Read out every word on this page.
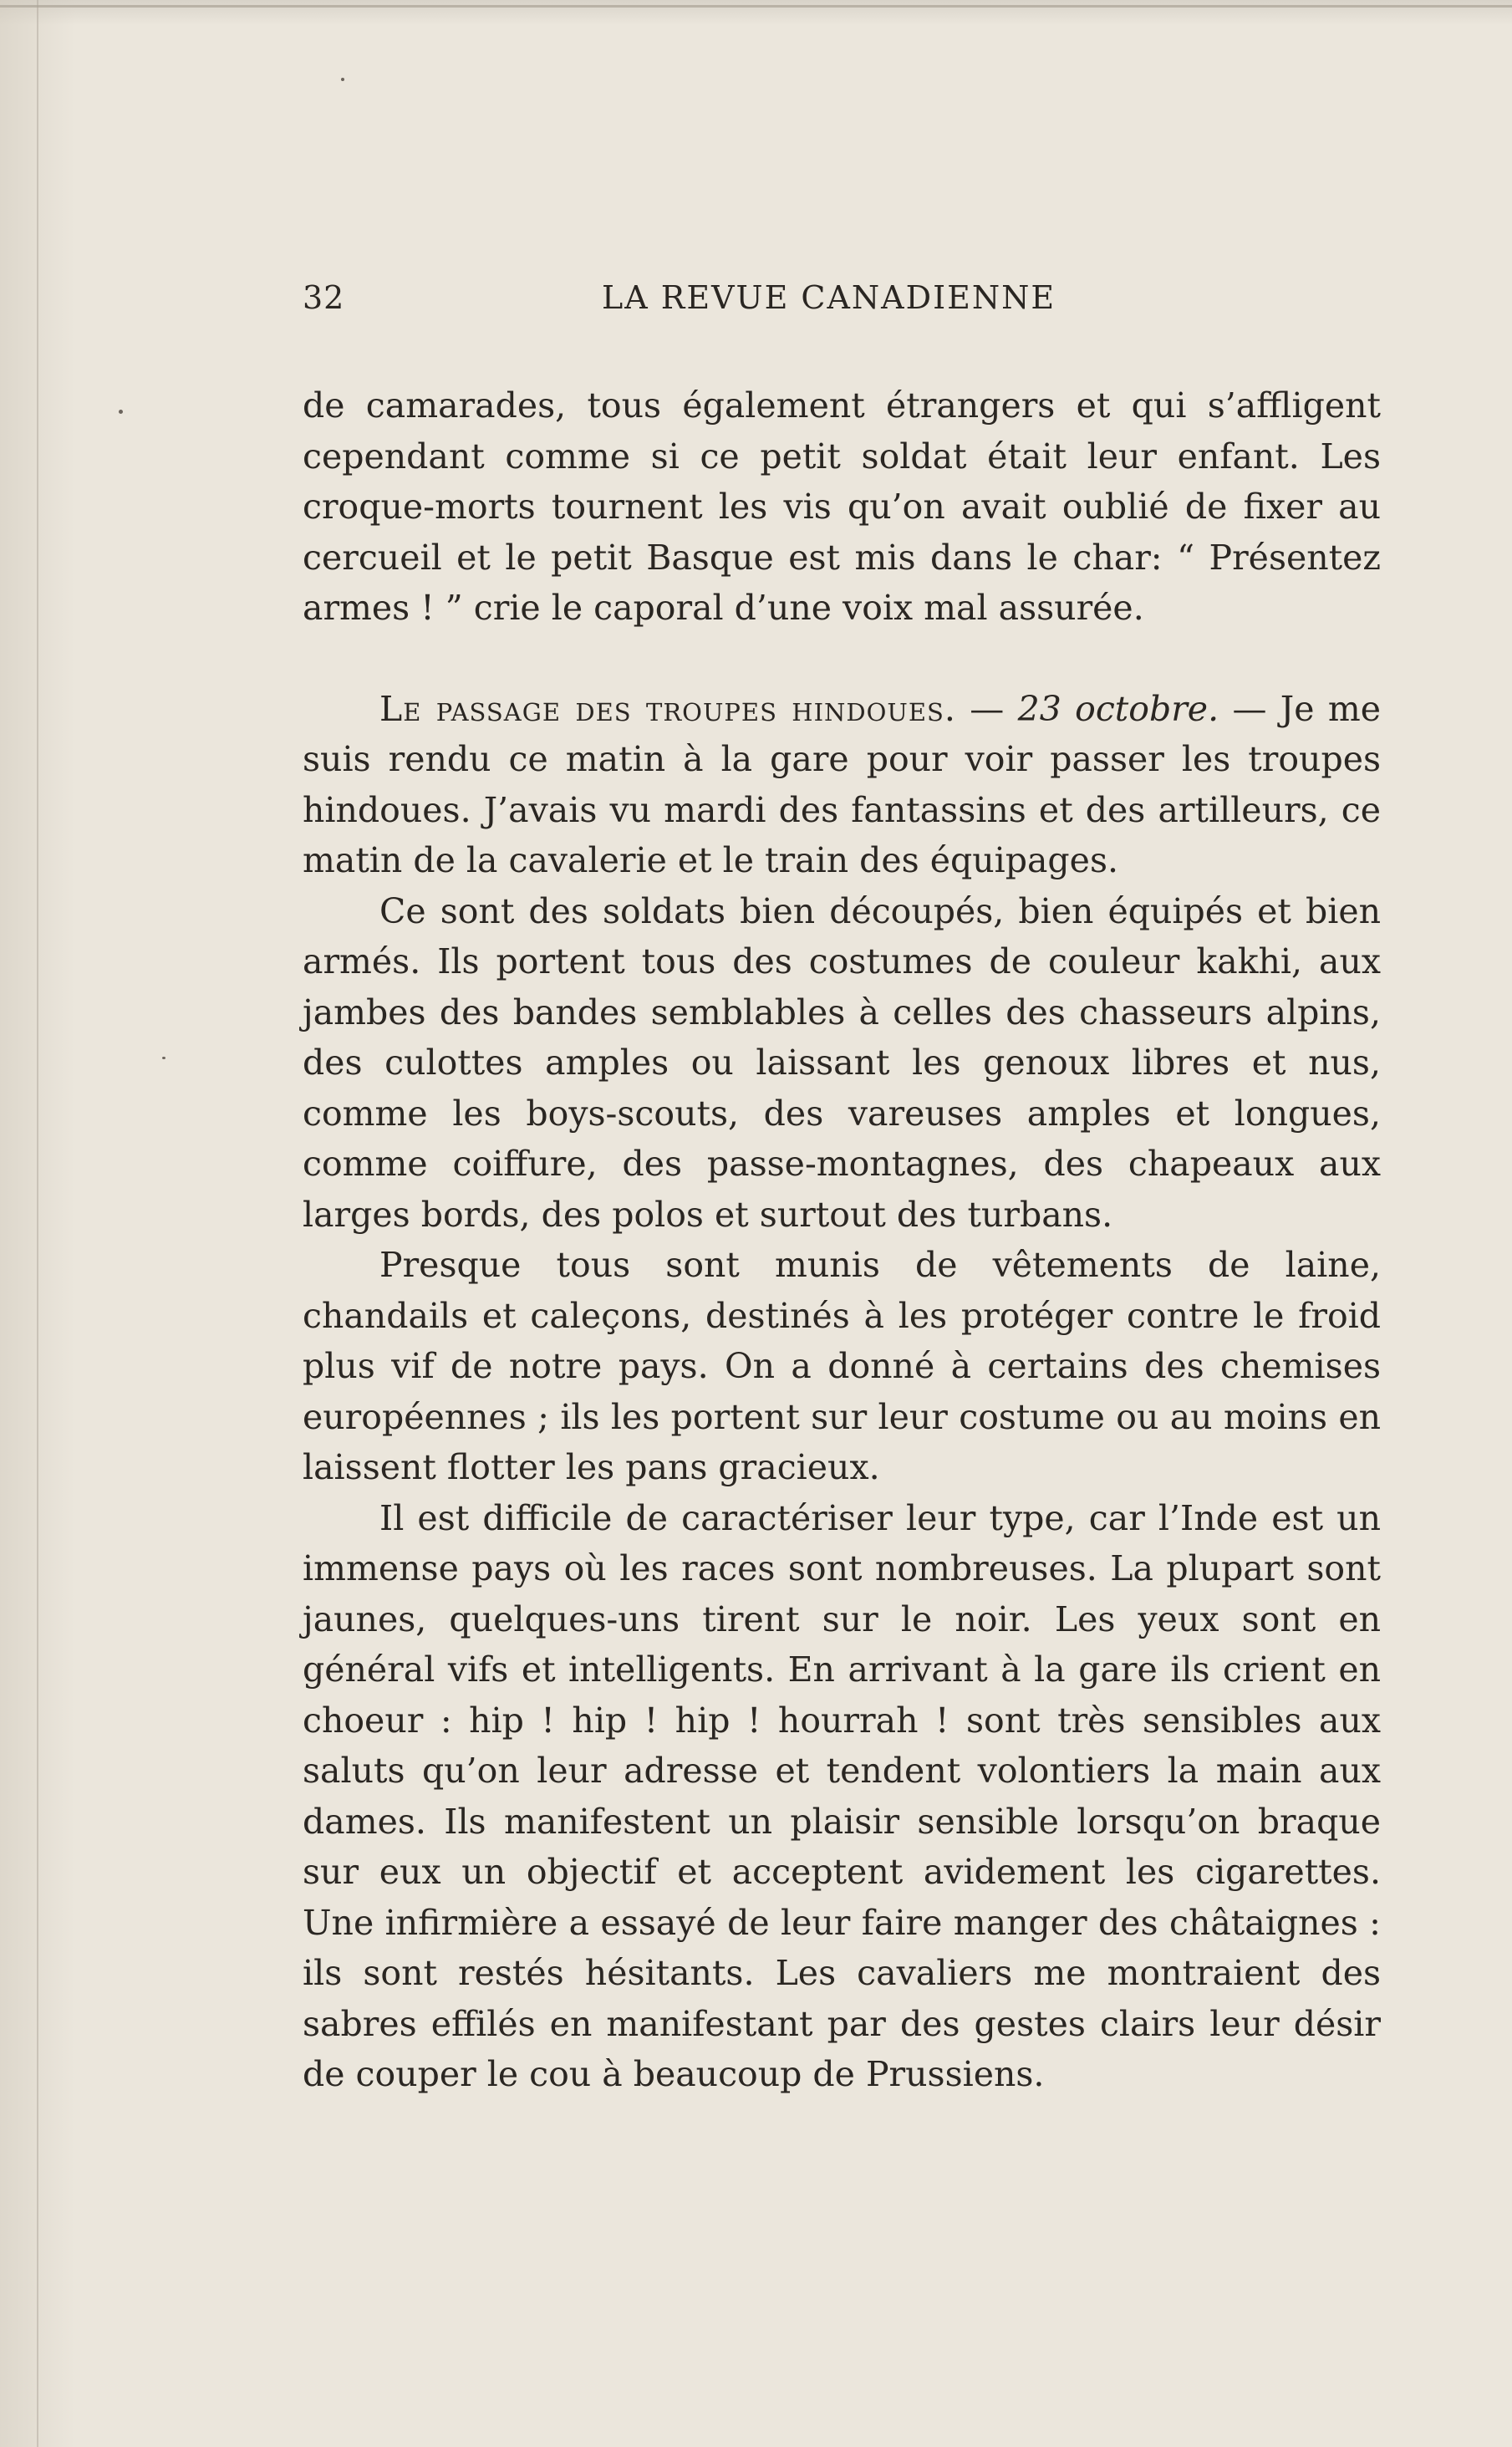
32	LA REVUE CANADIENNE

de camarades, tous également étrangers et qui s’affligent cependant comme si ce petit soldat était leur enfant. Les croque-morts tournent les vis qu’on avait oublié de fixer au cercueil et le petit Basque est mis dans le char: “ Présentez armes ! ” crie le caporal d’une voix mal assurée.

Le passage des troupes hindoues. — 23 octobre. — Je me suis rendu ce matin à la gare pour voir passer les troupes hindoues. J’avais vu mardi des fantassins et des artilleurs, ce matin de la cavalerie et le train des équipages.

Ce sont des soldats bien découpés, bien équipés et bien armés. Ils portent tous des costumes de couleur kakhi, aux jambes des bandes semblables à celles des chasseurs alpins, des culottes amples ou laissant les genoux libres et nus, comme les boys-scouts, des vareuses amples et longues, comme coiffure, des passe-montagnes, des chapeaux aux larges bords, des polos et surtout des turbans.

Presque tous sont munis de vêtements de laine, chandails et caleçons, destinés à les protéger contre le froid plus vif de notre pays. On a donné à certains des chemises européennes ; ils les portent sur leur costume ou au moins en laissent flotter les pans gracieux.

Il est difficile de caractériser leur type, car l’Inde est un immense pays où les races sont nombreuses. La plupart sont jaunes, quelques-uns tirent sur le noir. Les yeux sont en général vifs et intelligents. En arrivant à la gare ils crient en choeur : hip ! hip ! hip ! hourrah ! sont très sensibles aux saluts qu’on leur adresse et tendent volontiers la main aux dames. Ils manifestent un plaisir sensible lorsqu’on braque sur eux un objectif et acceptent avidement les cigarettes. Une infirmière a essayé de leur faire manger des châtaignes : ils sont restés hésitants. Les cavaliers me montraient des sabres effilés en manifestant par des gestes clairs leur désir de couper le cou à beaucoup de Prussiens.
